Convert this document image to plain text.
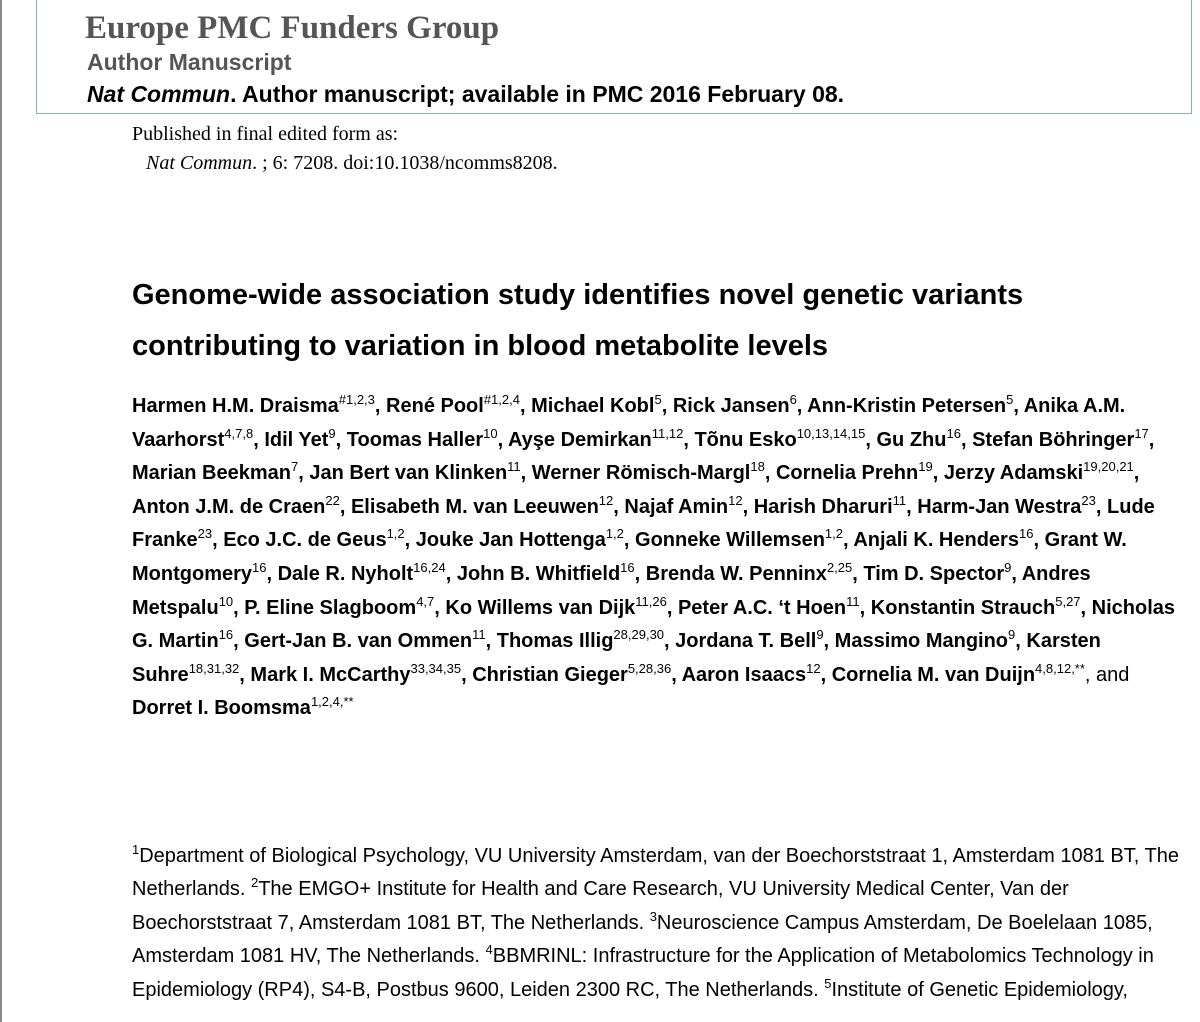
Europe PMC Funders Group
Author Manuscript
Nat Commun. Author manuscript; available in PMC 2016 February 08.
Published in final edited form as:
Nat Commun. ; 6: 7208. doi:10.1038/ncomms8208.
Genome-wide association study identifies novel genetic variants contributing to variation in blood metabolite levels

Harmen H.M. Draisma$^{\#1,2,3}$, René Pool$^{\#1,2,4}$, Michael Kobl$^5$, Rick Jansen$^6$, Ann-Kristin Petersen$^5$, Anika A.M. Vaarhorst$^{4,7,8}$, Idil Yet$^9$, Toomas Haller$^{10}$, Ayşe Demirkan$^{11,12}$, Tõnu Esko$^{10,13,14,15}$, Gu Zhu$^{16}$, Stefan Böhringer$^{17}$, Marian Beekman$^7$, Jan Bert van Klinken$^{11}$, Werner Römisch-Margl$^{18}$, Cornelia Prehn$^{19}$, Jerzy Adamski$^{19,20,21}$, Anton J.M. de Craen$^{22}$, Elisabeth M. van Leeuwen$^{12}$, Najaf Amin$^{12}$, Harish Dharuri$^{11}$, Harm-Jan Westra$^{23}$, Lude Franke$^{23}$, Eco J.C. de Geus$^{1,2}$, Jouke Jan Hottenga$^{1,2}$, Gonneke Willemsen$^{1,2}$, Anjali K. Henders$^{16}$, Grant W. Montgomery$^{16}$, Dale R. Nyholt$^{16,24}$, John B. Whitfield$^{16}$, Brenda W. Penninx$^{2,25}$, Tim D. Spector$^9$, Andres Metspalu$^{10}$, P. Eline Slagboom$^{4,7}$, Ko Willems van Dijk$^{11,26}$, Peter A.C. ‘t Hoen$^{11}$, Konstantin Strauch$^{5,27}$, Nicholas G. Martin$^{16}$, Gert-Jan B. van Ommen$^{11}$, Thomas Illig$^{28,29,30}$, Jordana T. Bell$^9$, Massimo Mangino$^9$, Karsten Suhre$^{18,31,32}$, Mark I. McCarthy$^{33,34,35}$, Christian Gieger$^{5,28,36}$, Aaron Isaacs$^{12}$, Cornelia M. van Duijn$^{4,8,12,**}$, and Dorret I. Boomsma$^{1,2,4,**}$

$^1$Department of Biological Psychology, VU University Amsterdam, van der Boechorststraat 1, Amsterdam 1081 BT, The Netherlands. $^2$The EMGO+ Institute for Health and Care Research, VU University Medical Center, Van der Boechorststraat 7, Amsterdam 1081 BT, The Netherlands. $^3$Neuroscience Campus Amsterdam, De Boelelaan 1085, Amsterdam 1081 HV, The Netherlands. $^4$BBMRINL: Infrastructure for the Application of Metabolomics Technology in Epidemiology (RP4), S4-B, Postbus 9600, Leiden 2300 RC, The Netherlands. $^5$Institute of Genetic Epidemiology,
